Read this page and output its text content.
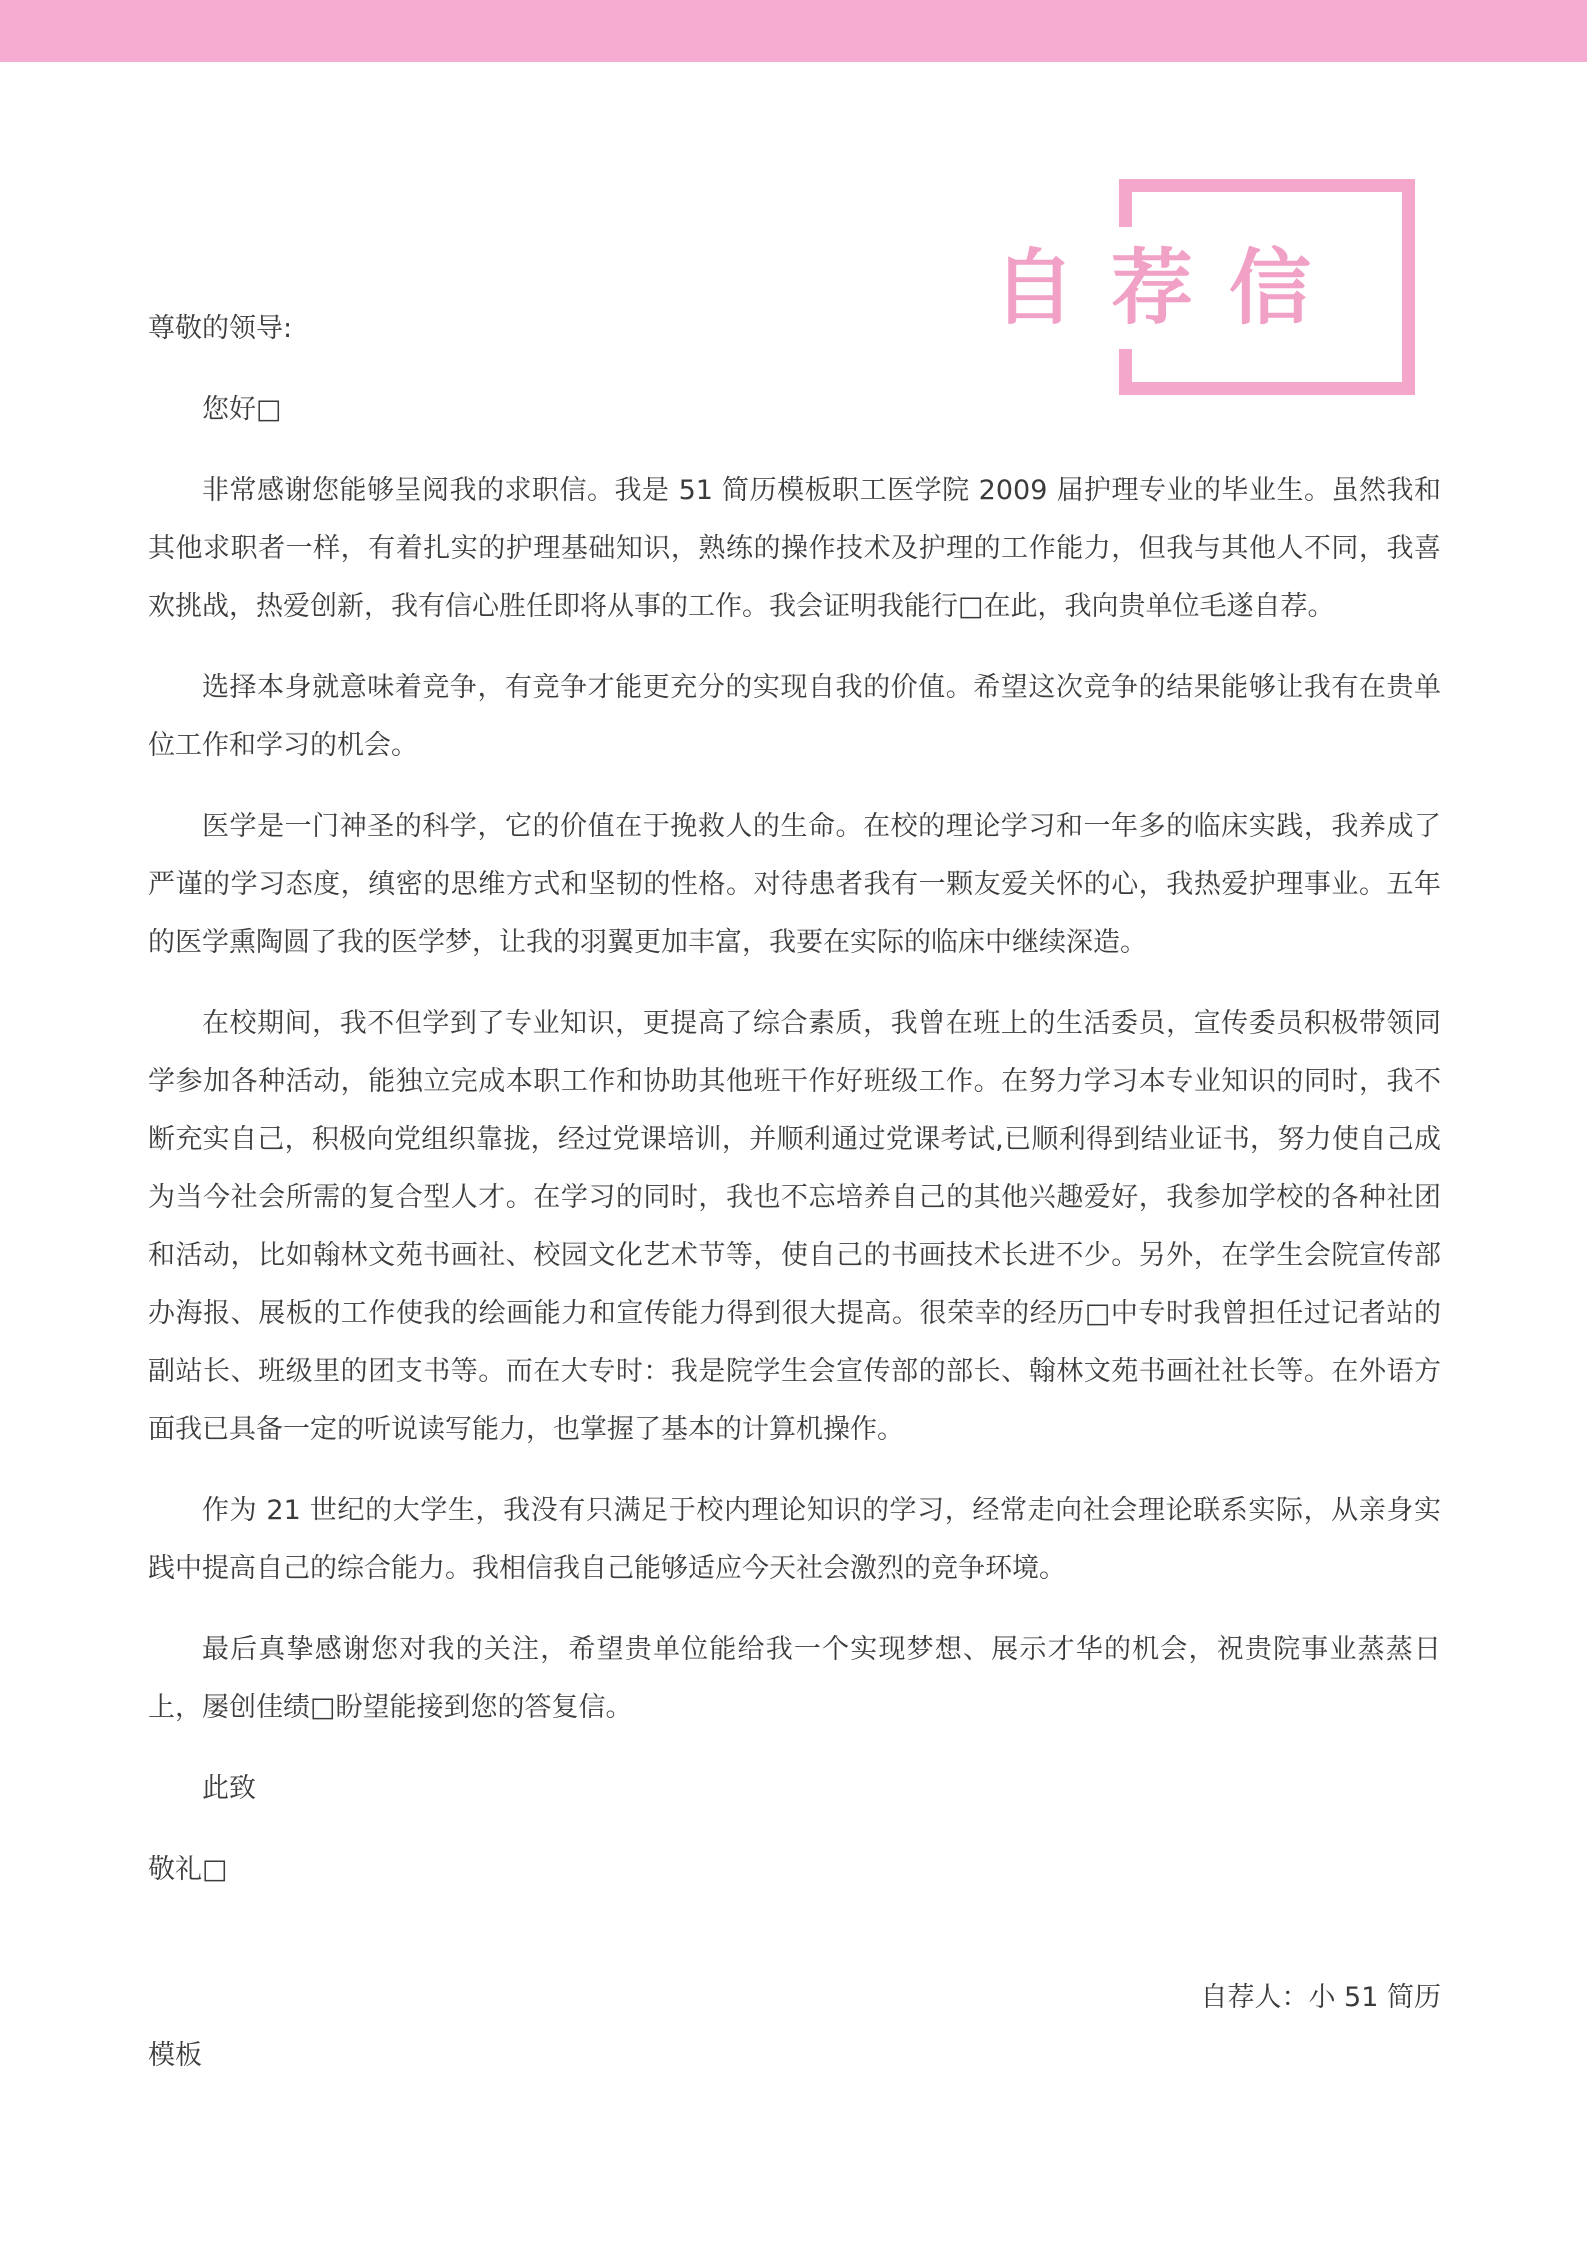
自荐信

尊敬的领导:

您好□

非常感谢您能够呈阅我的求职信。我是 51 简历模板职工医学院 2009 届护理专业的毕业生。虽然我和其他求职者一样，有着扎实的护理基础知识，熟练的操作技术及护理的工作能力，但我与其他人不同，我喜欢挑战，热爱创新，我有信心胜任即将从事的工作。我会证明我能行□在此，我向贵单位毛遂自荐。

选择本身就意味着竞争，有竞争才能更充分的实现自我的价值。希望这次竞争的结果能够让我有在贵单位工作和学习的机会。

医学是一门神圣的科学，它的价值在于挽救人的生命。在校的理论学习和一年多的临床实践，我养成了严谨的学习态度，缜密的思维方式和坚韧的性格。对待患者我有一颗友爱关怀的心，我热爱护理事业。五年的医学熏陶圆了我的医学梦，让我的羽翼更加丰富，我要在实际的临床中继续深造。

在校期间，我不但学到了专业知识，更提高了综合素质，我曾在班上的生活委员，宣传委员积极带领同学参加各种活动，能独立完成本职工作和协助其他班干作好班级工作。在努力学习本专业知识的同时，我不断充实自己，积极向党组织靠拢，经过党课培训，并顺利通过党课考试,已顺利得到结业证书，努力使自己成为当今社会所需的复合型人才。在学习的同时，我也不忘培养自己的其他兴趣爱好，我参加学校的各种社团和活动，比如翰林文苑书画社、校园文化艺术节等，使自己的书画技术长进不少。另外，在学生会院宣传部办海报、展板的工作使我的绘画能力和宣传能力得到很大提高。很荣幸的经历□中专时我曾担任过记者站的副站长、班级里的团支书等。而在大专时：我是院学生会宣传部的部长、翰林文苑书画社社长等。在外语方面我已具备一定的听说读写能力，也掌握了基本的计算机操作。

作为 21 世纪的大学生，我没有只满足于校内理论知识的学习，经常走向社会理论联系实际，从亲身实践中提高自己的综合能力。我相信我自己能够适应今天社会激烈的竞争环境。

最后真挚感谢您对我的关注，希望贵单位能给我一个实现梦想、展示才华的机会，祝贵院事业蒸蒸日上，屡创佳绩□盼望能接到您的答复信。

此致

敬礼□

自荐人：小 51 简历

模板
